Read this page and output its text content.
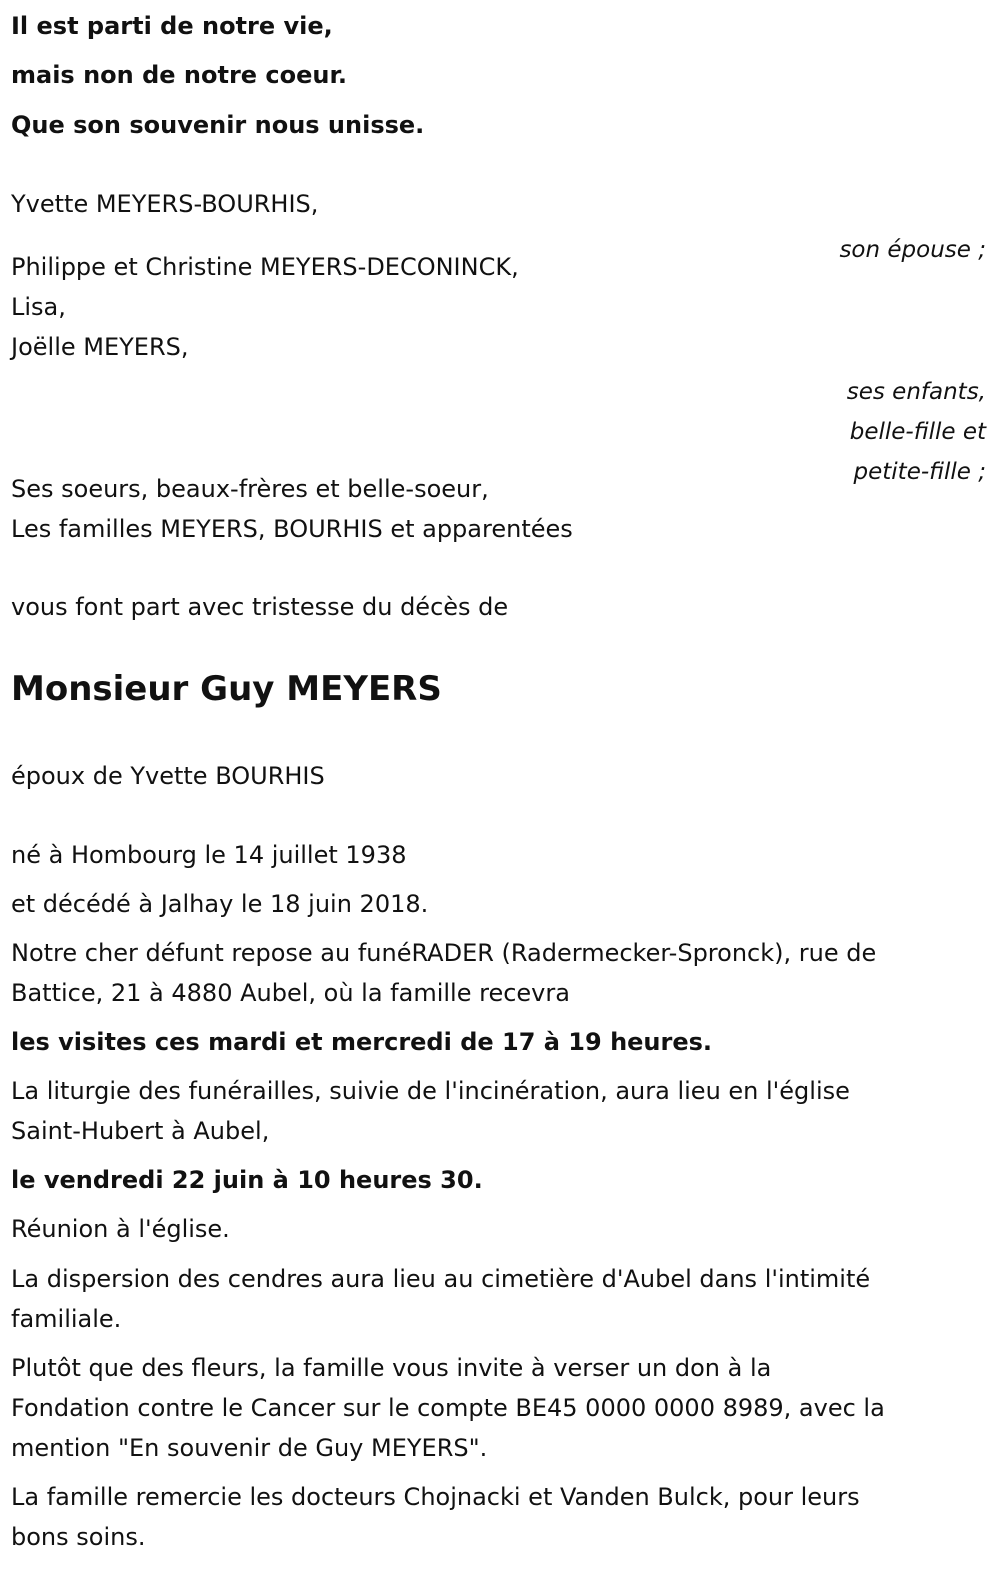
Il est parti de notre vie,

mais non de notre coeur.

Que son souvenir nous unisse.

Yvette MEYERS-BOURHIS,

son épouse ;

Philippe et Christine MEYERS-DECONINCK,

Lisa,

Joëlle MEYERS,

ses enfants,

belle-fille et

petite-fille ;

Ses soeurs, beaux-frères et belle-soeur,

Les familles MEYERS, BOURHIS et apparentées

vous font part avec tristesse du décès de

Monsieur Guy MEYERS

époux de Yvette BOURHIS

né à Hombourg le 14 juillet 1938

et décédé à Jalhay le 18 juin 2018.

Notre cher défunt repose au funéRADER (Radermecker-Spronck), rue de

Battice, 21 à 4880 Aubel, où la famille recevra

les visites ces mardi et mercredi de 17 à 19 heures.

La liturgie des funérailles, suivie de l'incinération, aura lieu en l'église

Saint-Hubert à Aubel,

le vendredi 22 juin à 10 heures 30.

Réunion à l'église.

La dispersion des cendres aura lieu au cimetière d'Aubel dans l'intimité

familiale.

Plutôt que des fleurs, la famille vous invite à verser un don à la

Fondation contre le Cancer sur le compte BE45 0000 0000 8989, avec la

mention "En souvenir de Guy MEYERS".

La famille remercie les docteurs Chojnacki et Vanden Bulck, pour leurs

bons soins.
